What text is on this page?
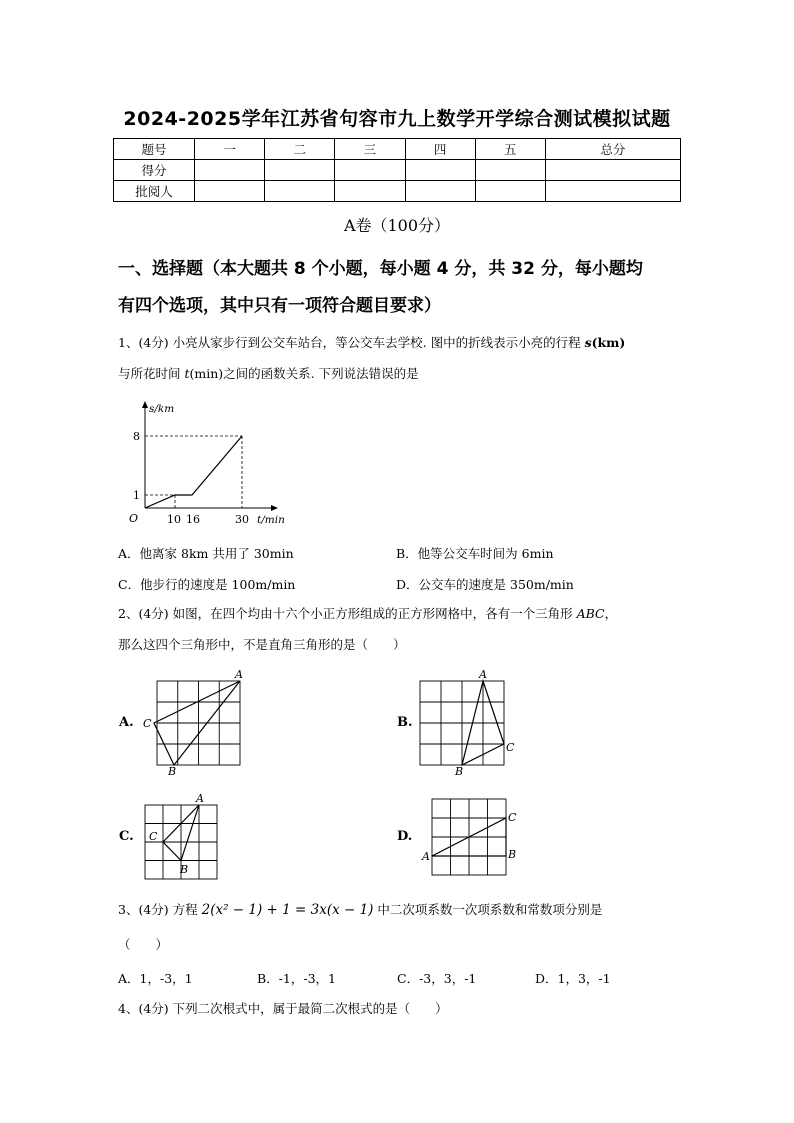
2024-2025学年江苏省句容市九上数学开学综合测试模拟试题
题号	一	二	三	四	五	总分
得分						
批阅人						
A卷（100分）
一、选择题（本大题共 8 个小题，每小题 4 分，共 32 分，每小题均
有四个选项，其中只有一项符合题目要求）
1、(4分) 小亮从家步行到公交车站台，等公交车去学校. 图中的折线表示小亮的行程 s(km)
与所花时间 t(min)之间的函数关系. 下列说法错误的是
s/km
t/min
O
1
8
10 16	30
A．他离家 8km 共用了 30min	B．他等公交车时间为 6min
C．他步行的速度是 100m/min	D．公交车的速度是 350m/min
2、(4分) 如图，在四个均由十六个小正方形组成的正方形网格中，各有一个三角形 ABC，
那么这四个三角形中，不是直角三角形的是（　　）
A.
A
C
B
B.
A
C
B
C.
A
C
B
D.
C
A	B
3、(4分) 方程 2(x² − 1) + 1 = 3x(x − 1) 中二次项系数一次项系数和常数项分别是
（　　）
A．1，-3，1	B．-1，-3，1	C．-3，3，-1	D．1，3，-1
4、(4分) 下列二次根式中，属于最简二次根式的是（　　）
